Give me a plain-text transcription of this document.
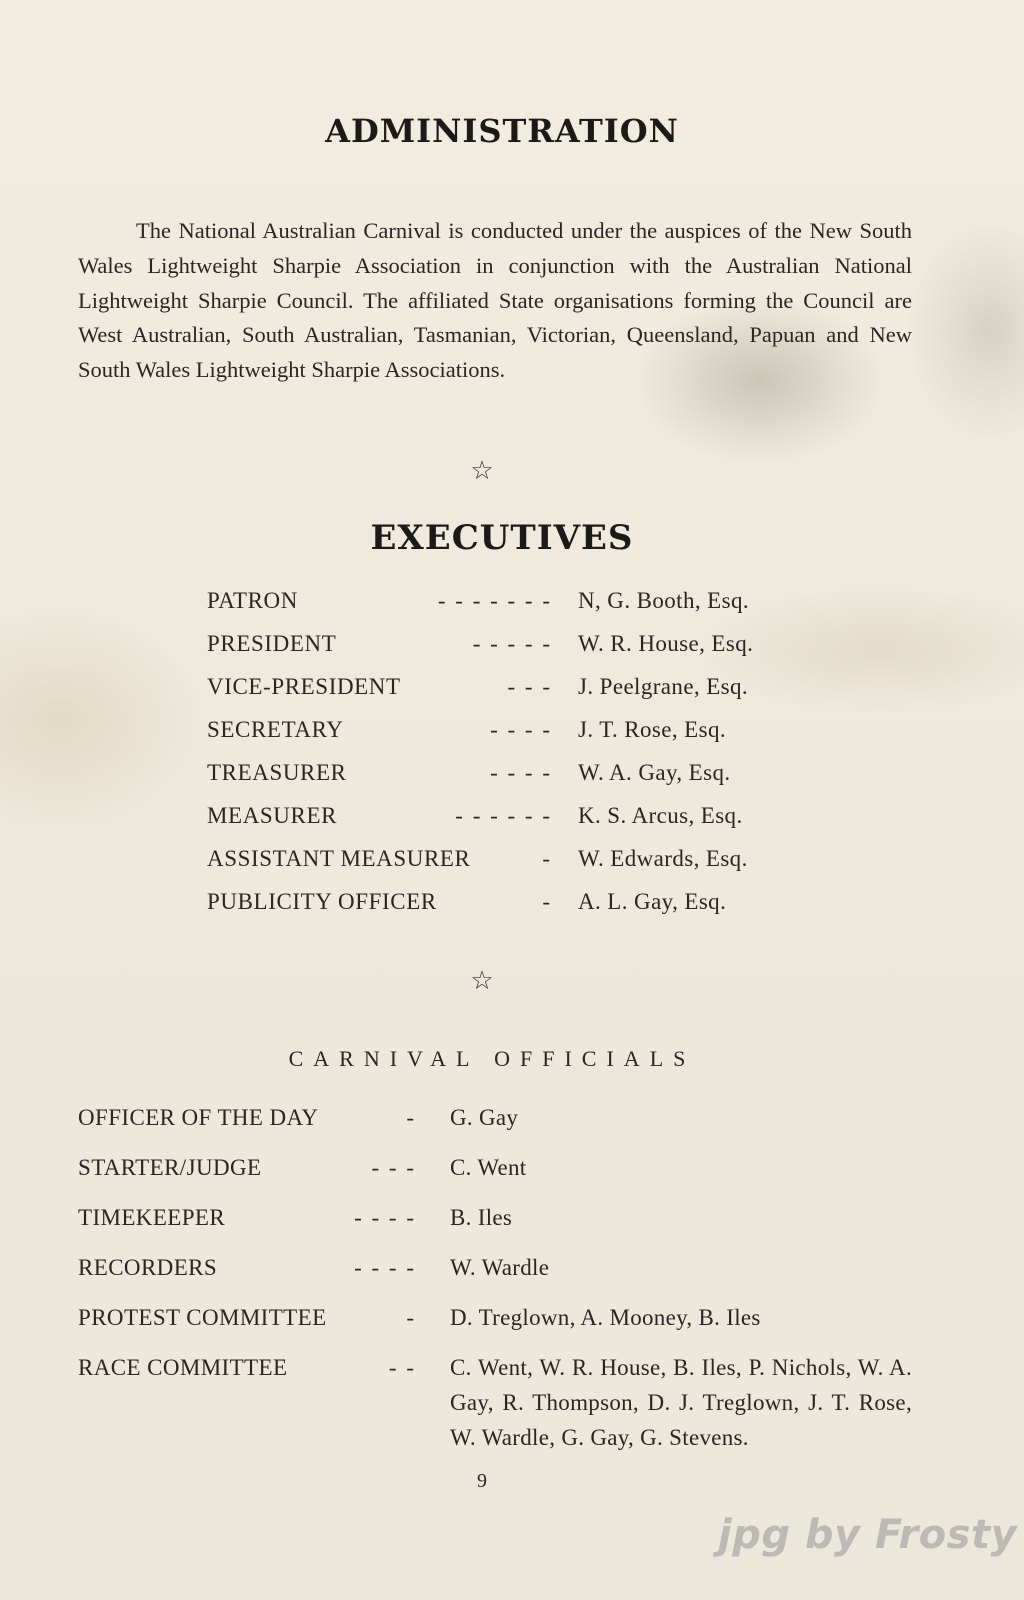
ADMINISTRATION

The National Australian Carnival is conducted under the auspices of the New South Wales Lightweight Sharpie Association in conjunction with the Australian National Lightweight Sharpie Council. The affiliated State organisations forming the Council are West Australian, South Australian, Tasmanian, Victorian, Queensland, Papuan and New South Wales Lightweight Sharpie Associations.

☆
EXECUTIVES
PATRON	- - - - - - - N, G. Booth, Esq.
PRESIDENT	- - - - - W. R. House, Esq.
VICE-PRESIDENT	- - - J. Peelgrane, Esq.
SECRETARY	- - - - J. T. Rose, Esq.
TREASURER	- - - - W. A. Gay, Esq.
MEASURER	- - - - - - K. S. Arcus, Esq.
ASSISTANT MEASURER	- W. Edwards, Esq.
PUBLICITY OFFICER	- A. L. Gay, Esq.
☆
CARNIVAL OFFICIALS
OFFICER OF THE DAY	- G. Gay
STARTER/JUDGE	- - - C. Went
TIMEKEEPER	- - - - B. Iles
RECORDERS	- - - - W. Wardle
PROTEST COMMITTEE	- D. Treglown, A. Mooney, B. Iles
RACE COMMITTEE	- - C. Went, W. R. House, B. Iles, P. Nichols, W. A. Gay, R. Thompson, D. J. Treglown, J. T. Rose, W. Wardle, G. Gay, G. Stevens.
9
jpg by Frosty
